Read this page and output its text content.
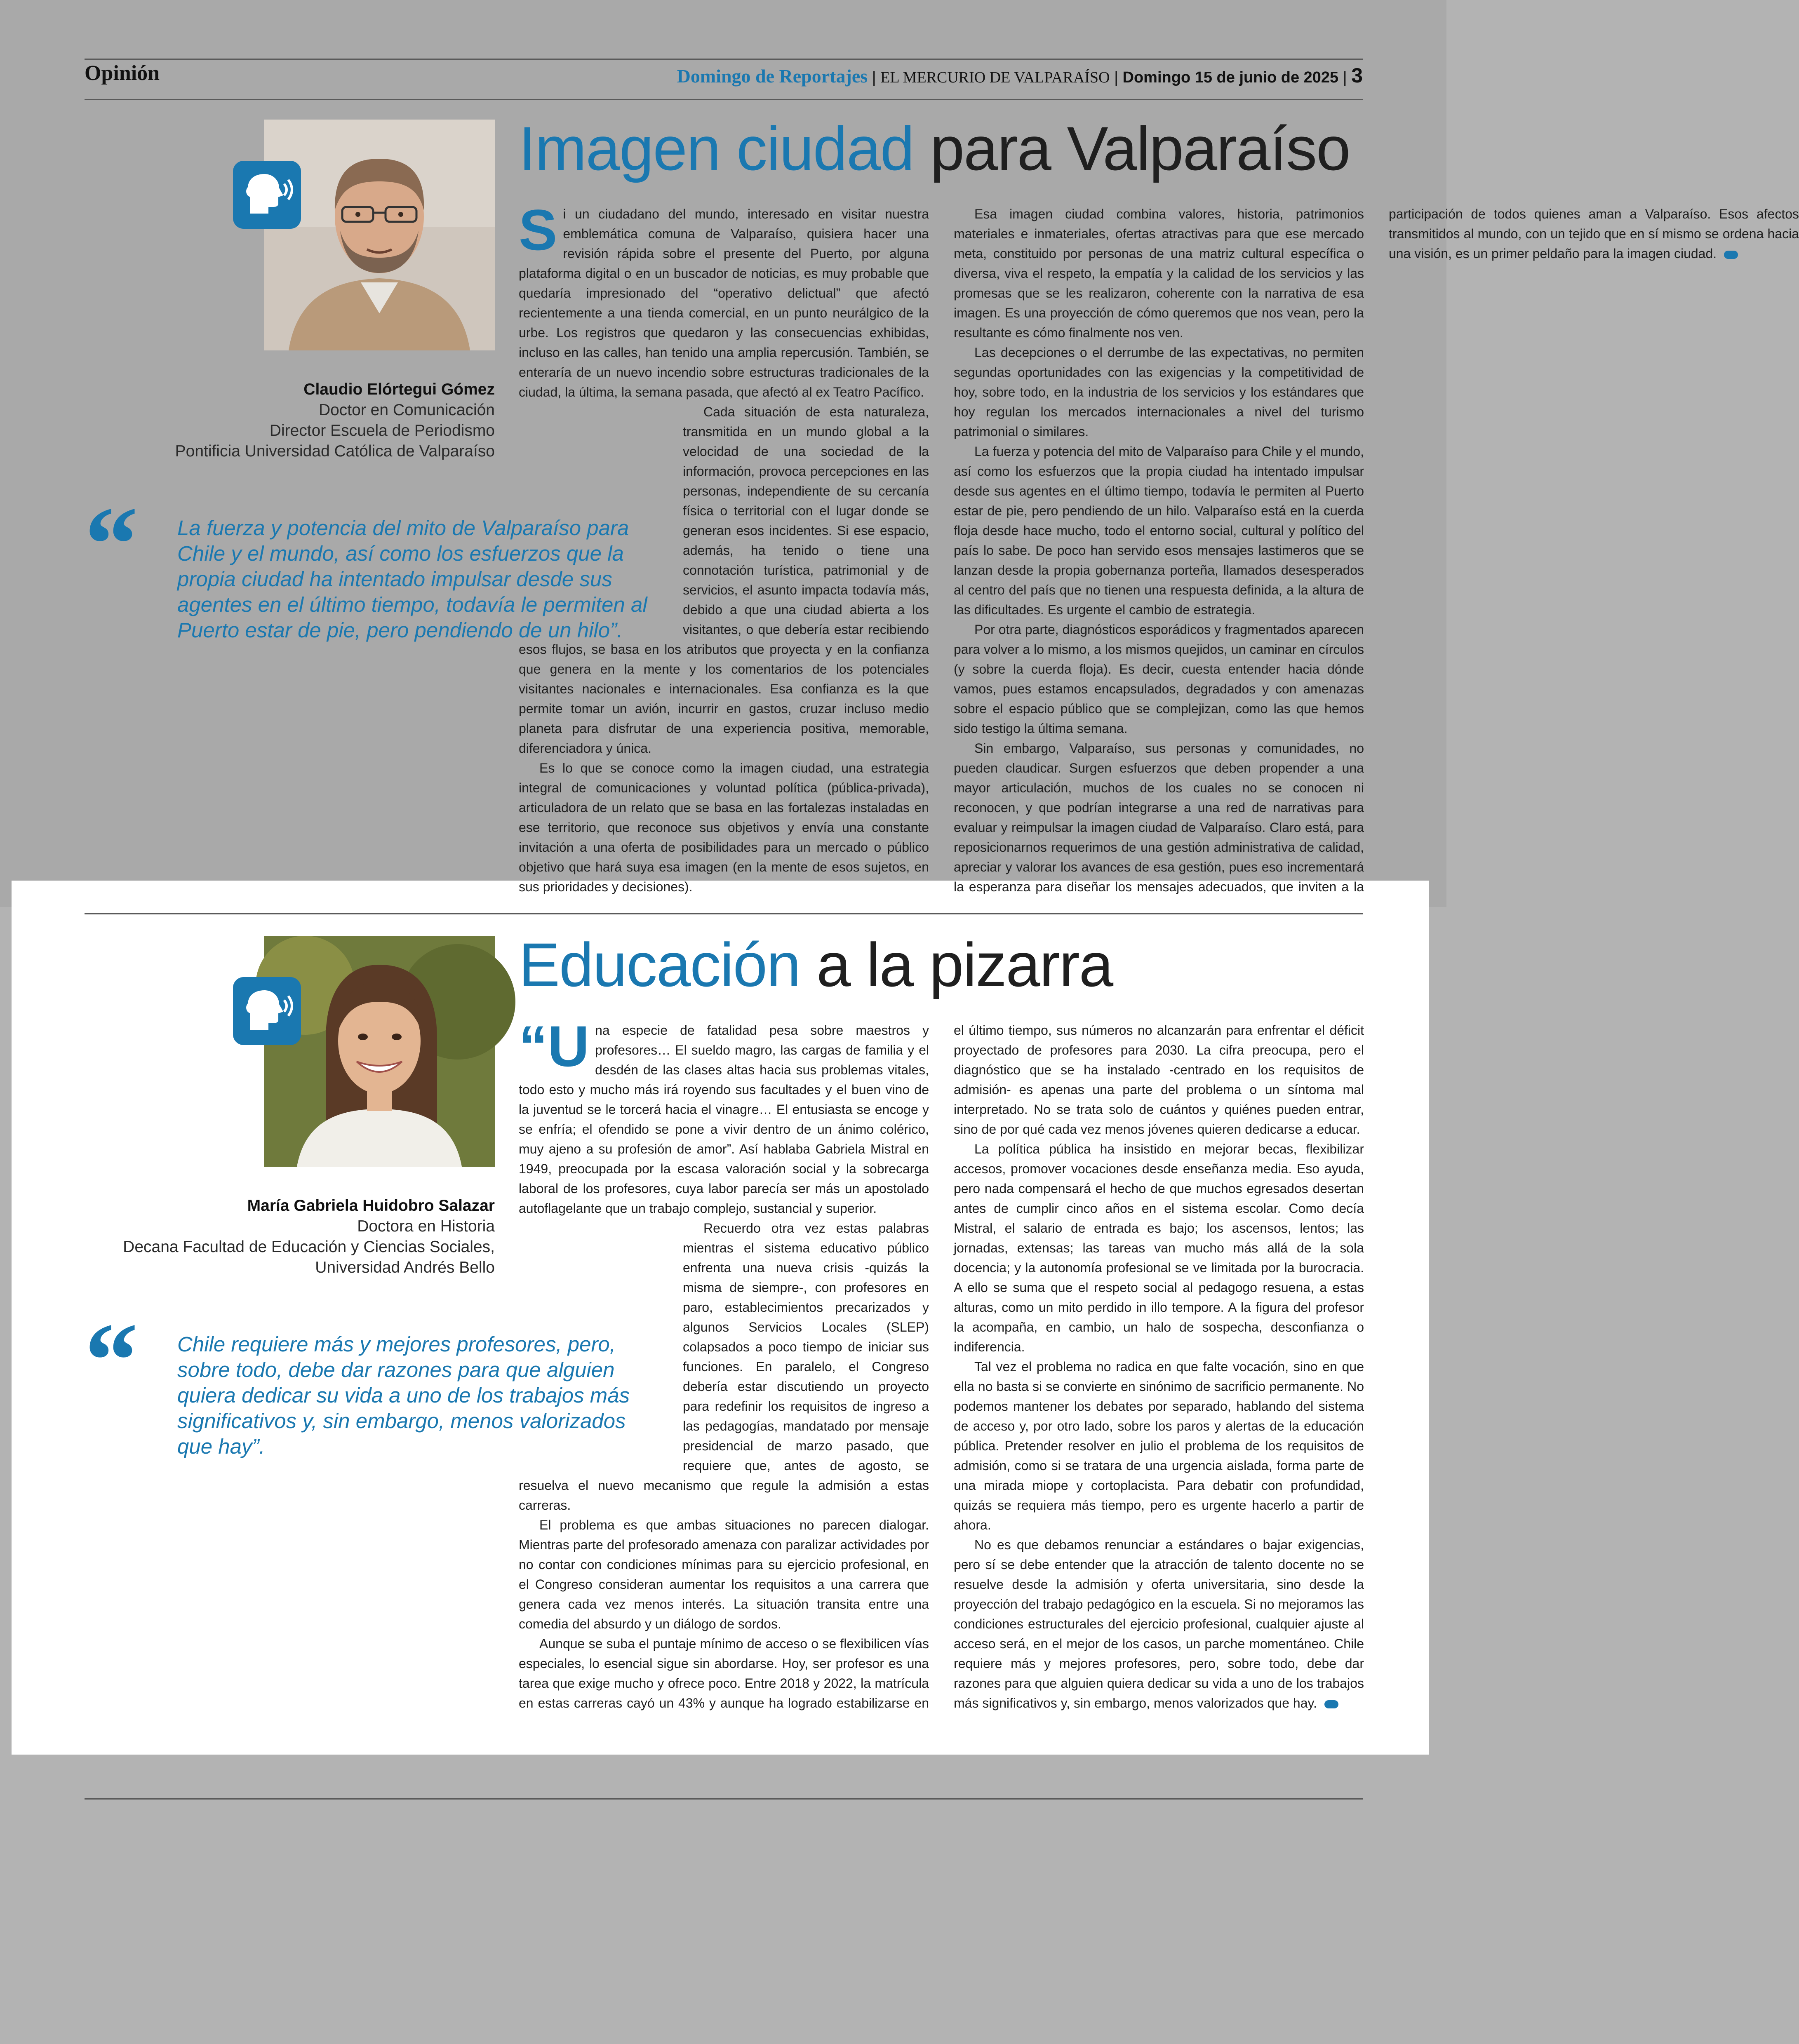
Opinión	Domingo de Reportajes | EL MERCURIO DE VALPARAÍSO | Domingo 15 de junio de 2025 | 3
Imagen ciudad para Valparaíso
Claudio Elórtegui Gómez
Doctor en Comunicación
Director Escuela de Periodismo
Pontificia Universidad Católica de Valparaíso
“ La fuerza y potencia del mito de Valparaíso para Chile y el mundo, así como los esfuerzos que la propia ciudad ha intentado impulsar desde sus agentes en el último tiempo, todavía le permiten al Puerto estar de pie, pero pendiendo de un hilo”.

Si un ciudadano del mundo, interesado en visitar nuestra emblemática comuna de Valparaíso, quisiera hacer una revisión rápida sobre el presente del Puerto, por alguna plataforma digital o en un buscador de noticias, es muy probable que quedaría impresionado del “operativo delictual” que afectó recientemente a una tienda comercial, en un punto neurálgico de la urbe. Los registros que quedaron y las consecuencias exhibidas, incluso en las calles, han tenido una amplia repercusión. También, se enteraría de un nuevo incendio sobre estructuras tradicionales de la ciudad, la última, la semana pasada, que afectó al ex Teatro Pacífico.

Cada situación de esta naturaleza, transmitida en un mundo global a la velocidad de una sociedad de la información, provoca percepciones en las personas, independiente de su cercanía física o territorial con el lugar donde se generan esos incidentes. Si ese espacio, además, ha tenido o tiene una connotación turística, patrimonial y de servicios, el asunto impacta todavía más, debido a que una ciudad abierta a los visitantes, o que debería estar recibiendo esos flujos, se basa en los atributos que proyecta y en la confianza que genera en la mente y los comentarios de los potenciales visitantes nacionales e internacionales. Esa confianza es la que permite tomar un avión, incurrir en gastos, cruzar incluso medio planeta para disfrutar de una experiencia positiva, memorable, diferenciadora y única.

Es lo que se conoce como la imagen ciudad, una estrategia integral de comunicaciones y voluntad política (pública-privada), articuladora de un relato que se basa en las fortalezas instaladas en ese territorio, que reconoce sus objetivos y envía una constante invitación a una oferta de posibilidades para un mercado o público objetivo que hará suya esa imagen (en la mente de esos sujetos, en sus prioridades y decisiones).

Esa imagen ciudad combina valores, historia, patrimonios materiales e inmateriales, ofertas atractivas para que ese mercado meta, constituido por personas de una matriz cultural específica o diversa, viva el respeto, la empatía y la calidad de los servicios y las promesas que se les realizaron, coherente con la narrativa de esa imagen. Es una proyección de cómo queremos que nos vean, pero la resultante es cómo finalmente nos ven.

Las decepciones o el derrumbe de las expectativas, no permiten segundas oportunidades con las exigencias y la competitividad de hoy, sobre todo, en la industria de los servicios y los estándares que hoy regulan los mercados internacionales a nivel del turismo patrimonial o similares.

La fuerza y potencia del mito de Valparaíso para Chile y el mundo, así como los esfuerzos que la propia ciudad ha intentado impulsar desde sus agentes en el último tiempo, todavía le permiten al Puerto estar de pie, pero pendiendo de un hilo. Valparaíso está en la cuerda floja desde hace mucho, todo el entorno social, cultural y político del país lo sabe. De poco han servido esos mensajes lastimeros que se lanzan desde la propia gobernanza porteña, llamados desesperados al centro del país que no tienen una respuesta definida, a la altura de las dificultades. Es urgente el cambio de estrategia.

Por otra parte, diagnósticos esporádicos y fragmentados aparecen para volver a lo mismo, a los mismos quejidos, un caminar en círculos (y sobre la cuerda floja). Es decir, cuesta entender hacia dónde vamos, pues estamos encapsulados, degradados y con amenazas sobre el espacio público que se complejizan, como las que hemos sido testigo la última semana.

Sin embargo, Valparaíso, sus personas y comunidades, no pueden claudicar. Surgen esfuerzos que deben propender a una mayor articulación, muchos de los cuales no se conocen ni reconocen, y que podrían integrarse a una red de narrativas para evaluar y reimpulsar la imagen ciudad de Valparaíso. Claro está, para reposicionarnos requerimos de una gestión administrativa de calidad, apreciar y valorar los avances de esa gestión, pues eso incrementará la esperanza para diseñar los mensajes adecuados, que inviten a la participación de todos quienes aman a Valparaíso. Esos afectos transmitidos al mundo, con un tejido que en sí mismo se ordena hacia una visión, es un primer peldaño para la imagen ciudad.

Educación a la pizarra
María Gabriela Huidobro Salazar
Doctora en Historia
Decana Facultad de Educación y Ciencias Sociales,
Universidad Andrés Bello
“ Chile requiere más y mejores profesores, pero, sobre todo, debe dar razones para que alguien quiera dedicar su vida a uno de los trabajos más significativos y, sin embargo, menos valorizados que hay”.

“ Una especie de fatalidad pesa sobre maestros y profesores… El sueldo magro, las cargas de familia y el desdén de las clases altas hacia sus problemas vitales, todo esto y mucho más irá royendo sus facultades y el buen vino de la juventud se le torcerá hacia el vinagre… El entusiasta se encoge y se enfría; el ofendido se pone a vivir dentro de un ánimo colérico, muy ajeno a su profesión de amor”. Así hablaba Gabriela Mistral en 1949, preocupada por la escasa valoración social y la sobrecarga laboral de los profesores, cuya labor parecía ser más un apostolado autoflagelante que un trabajo complejo, sustancial y superior.

Recuerdo otra vez estas palabras mientras el sistema educativo público enfrenta una nueva crisis -quizás la misma de siempre-, con profesores en paro, establecimientos precarizados y algunos Servicios Locales (SLEP) colapsados a poco tiempo de iniciar sus funciones. En paralelo, el Congreso debería estar discutiendo un proyecto para redefinir los requisitos de ingreso a las pedagogías, mandatado por mensaje presidencial de marzo pasado, que requiere que, antes de agosto, se resuelva el nuevo mecanismo que regule la admisión a estas carreras.

El problema es que ambas situaciones no parecen dialogar. Mientras parte del profesorado amenaza con paralizar actividades por no contar con condiciones mínimas para su ejercicio profesional, en el Congreso consideran aumentar los requisitos a una carrera que genera cada vez menos interés. La situación transita entre una comedia del absurdo y un diálogo de sordos.

Aunque se suba el puntaje mínimo de acceso o se flexibilicen vías especiales, lo esencial sigue sin abordarse. Hoy, ser profesor es una tarea que exige mucho y ofrece poco. Entre 2018 y 2022, la matrícula en estas carreras cayó un 43% y aunque ha logrado estabilizarse en el último tiempo, sus números no alcanzarán para enfrentar el déficit proyectado de profesores para 2030. La cifra preocupa, pero el diagnóstico que se ha instalado -centrado en los requisitos de admisión- es apenas una parte del problema o un síntoma mal interpretado. No se trata solo de cuántos y quiénes pueden entrar, sino de por qué cada vez menos jóvenes quieren dedicarse a educar.

La política pública ha insistido en mejorar becas, flexibilizar accesos, promover vocaciones desde enseñanza media. Eso ayuda, pero nada compensará el hecho de que muchos egresados desertan antes de cumplir cinco años en el sistema escolar. Como decía Mistral, el salario de entrada es bajo; los ascensos, lentos; las jornadas, extensas; las tareas van mucho más allá de la sola docencia; y la autonomía profesional se ve limitada por la burocracia. A ello se suma que el respeto social al pedagogo resuena, a estas alturas, como un mito perdido in illo tempore. A la figura del profesor la acompaña, en cambio, un halo de sospecha, desconfianza o indiferencia.

Tal vez el problema no radica en que falte vocación, sino en que ella no basta si se convierte en sinónimo de sacrificio permanente. No podemos mantener los debates por separado, hablando del sistema de acceso y, por otro lado, sobre los paros y alertas de la educación pública. Pretender resolver en julio el problema de los requisitos de admisión, como si se tratara de una urgencia aislada, forma parte de una mirada miope y cortoplacista. Para debatir con profundidad, quizás se requiera más tiempo, pero es urgente hacerlo a partir de ahora.

No es que debamos renunciar a estándares o bajar exigencias, pero sí se debe entender que la atracción de talento docente no se resuelve desde la admisión y oferta universitaria, sino desde la proyección del trabajo pedagógico en la escuela. Si no mejoramos las condiciones estructurales del ejercicio profesional, cualquier ajuste al acceso será, en el mejor de los casos, un parche momentáneo. Chile requiere más y mejores profesores, pero, sobre todo, debe dar razones para que alguien quiera dedicar su vida a uno de los trabajos más significativos y, sin embargo, menos valorizados que hay.
